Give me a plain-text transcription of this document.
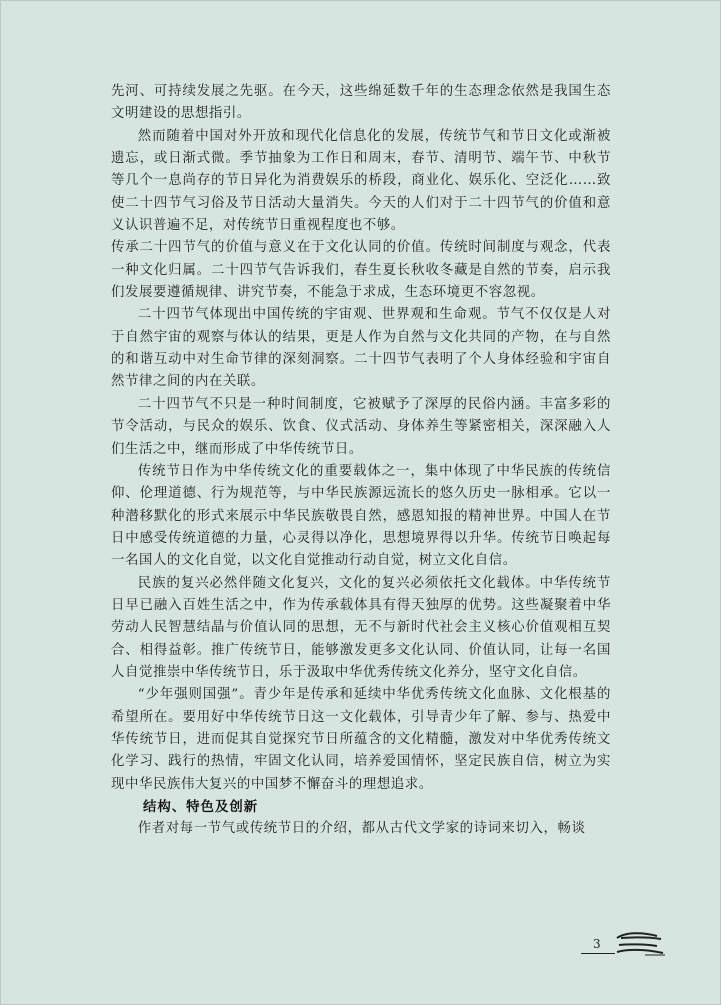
先河、可持续发展之先驱。在今天，这些绵延数千年的生态理念依然是我国生态文明建设的思想指引。

然而随着中国对外开放和现代化信息化的发展，传统节气和节日文化或渐被遗忘，或日渐式微。季节抽象为工作日和周末，春节、清明节、端午节、中秋节等几个一息尚存的节日异化为消费娱乐的桥段，商业化、娱乐化、空泛化……致使二十四节气习俗及节日活动大量消失。今天的人们对于二十四节气的价值和意义认识普遍不足，对传统节日重视程度也不够。

传承二十四节气的价值与意义在于文化认同的价值。传统时间制度与观念，代表一种文化归属。二十四节气告诉我们，春生夏长秋收冬藏是自然的节奏，启示我们发展要遵循规律、讲究节奏，不能急于求成，生态环境更不容忽视。

二十四节气体现出中国传统的宇宙观、世界观和生命观。节气不仅仅是人对于自然宇宙的观察与体认的结果，更是人作为自然与文化共同的产物，在与自然的和谐互动中对生命节律的深刻洞察。二十四节气表明了个人身体经验和宇宙自然节律之间的内在关联。

二十四节气不只是一种时间制度，它被赋予了深厚的民俗内涵。丰富多彩的节令活动，与民众的娱乐、饮食、仪式活动、身体养生等紧密相关，深深融入人们生活之中，继而形成了中华传统节日。

传统节日作为中华传统文化的重要载体之一，集中体现了中华民族的传统信仰、伦理道德、行为规范等，与中华民族源远流长的悠久历史一脉相承。它以一种潜移默化的形式来展示中华民族敬畏自然，感恩知报的精神世界。中国人在节日中感受传统道德的力量，心灵得以净化，思想境界得以升华。传统节日唤起每一名国人的文化自觉，以文化自觉推动行动自觉，树立文化自信。

民族的复兴必然伴随文化复兴，文化的复兴必须依托文化载体。中华传统节日早已融入百姓生活之中，作为传承载体具有得天独厚的优势。这些凝聚着中华劳动人民智慧结晶与价值认同的思想，无不与新时代社会主义核心价值观相互契合、相得益彰。推广传统节日，能够激发更多文化认同、价值认同，让每一名国人自觉推崇中华传统节日，乐于汲取中华优秀传统文化养分，坚守文化自信。

“少年强则国强”。青少年是传承和延续中华优秀传统文化血脉、文化根基的希望所在。要用好中华传统节日这一文化载体，引导青少年了解、参与、热爱中华传统节日，进而促其自觉探究节日所蕴含的文化精髓，激发对中华优秀传统文化学习、践行的热情，牢固文化认同，培养爱国情怀，坚定民族自信，树立为实现中华民族伟大复兴的中国梦不懈奋斗的理想追求。

结构、特色及创新

作者对每一节气或传统节日的介绍，都从古代文学家的诗词来切入，畅谈

3
